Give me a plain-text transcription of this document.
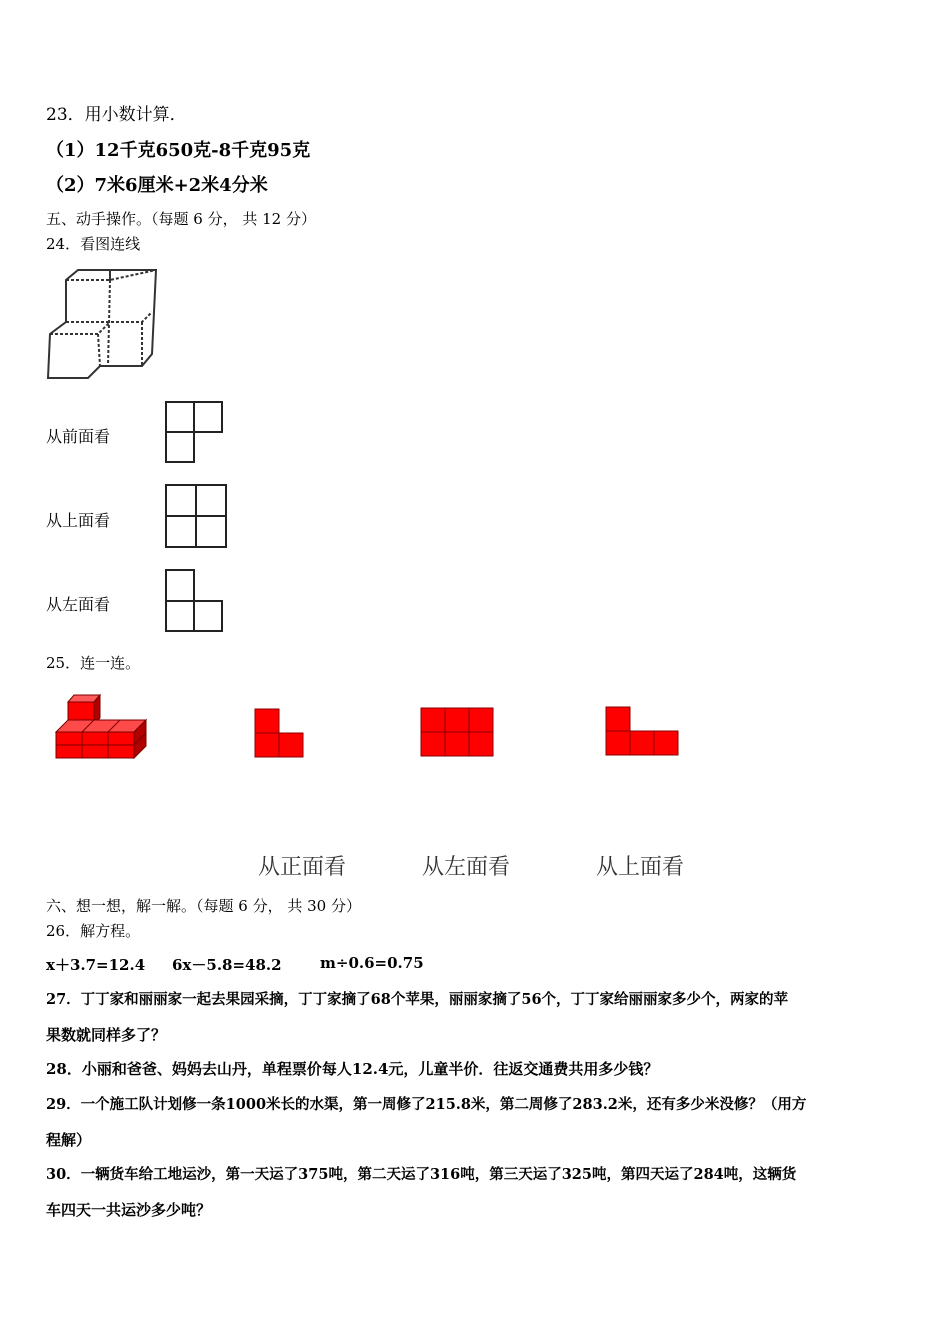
23．用小数计算．
（1）12千克650克-8千克95克
（2）7米6厘米+2米4分米
五、动手操作。（每题 6 分， 共 12 分）
24．看图连线
从前面看
从上面看
从左面看
25．连一连。
从正面看	从左面看	从上面看
六、想一想，解一解。（每题 6 分， 共 30 分）
26．解方程。
x＋3.7=12.4 6x－5.8=48.2	m÷0.6=0.75
27．丁丁家和丽丽家一起去果园采摘，丁丁家摘了68个苹果，丽丽家摘了56个，丁丁家给丽丽家多少个，两家的苹
果数就同样多了？
28．小丽和爸爸、妈妈去山丹，单程票价每人12.4元，儿童半价．往返交通费共用多少钱？
29．一个施工队计划修一条1000米长的水渠，第一周修了215.8米，第二周修了283.2米，还有多少米没修？（用方
程解）
30．一辆货车给工地运沙，第一天运了375吨，第二天运了316吨，第三天运了325吨，第四天运了284吨，这辆货
车四天一共运沙多少吨？
